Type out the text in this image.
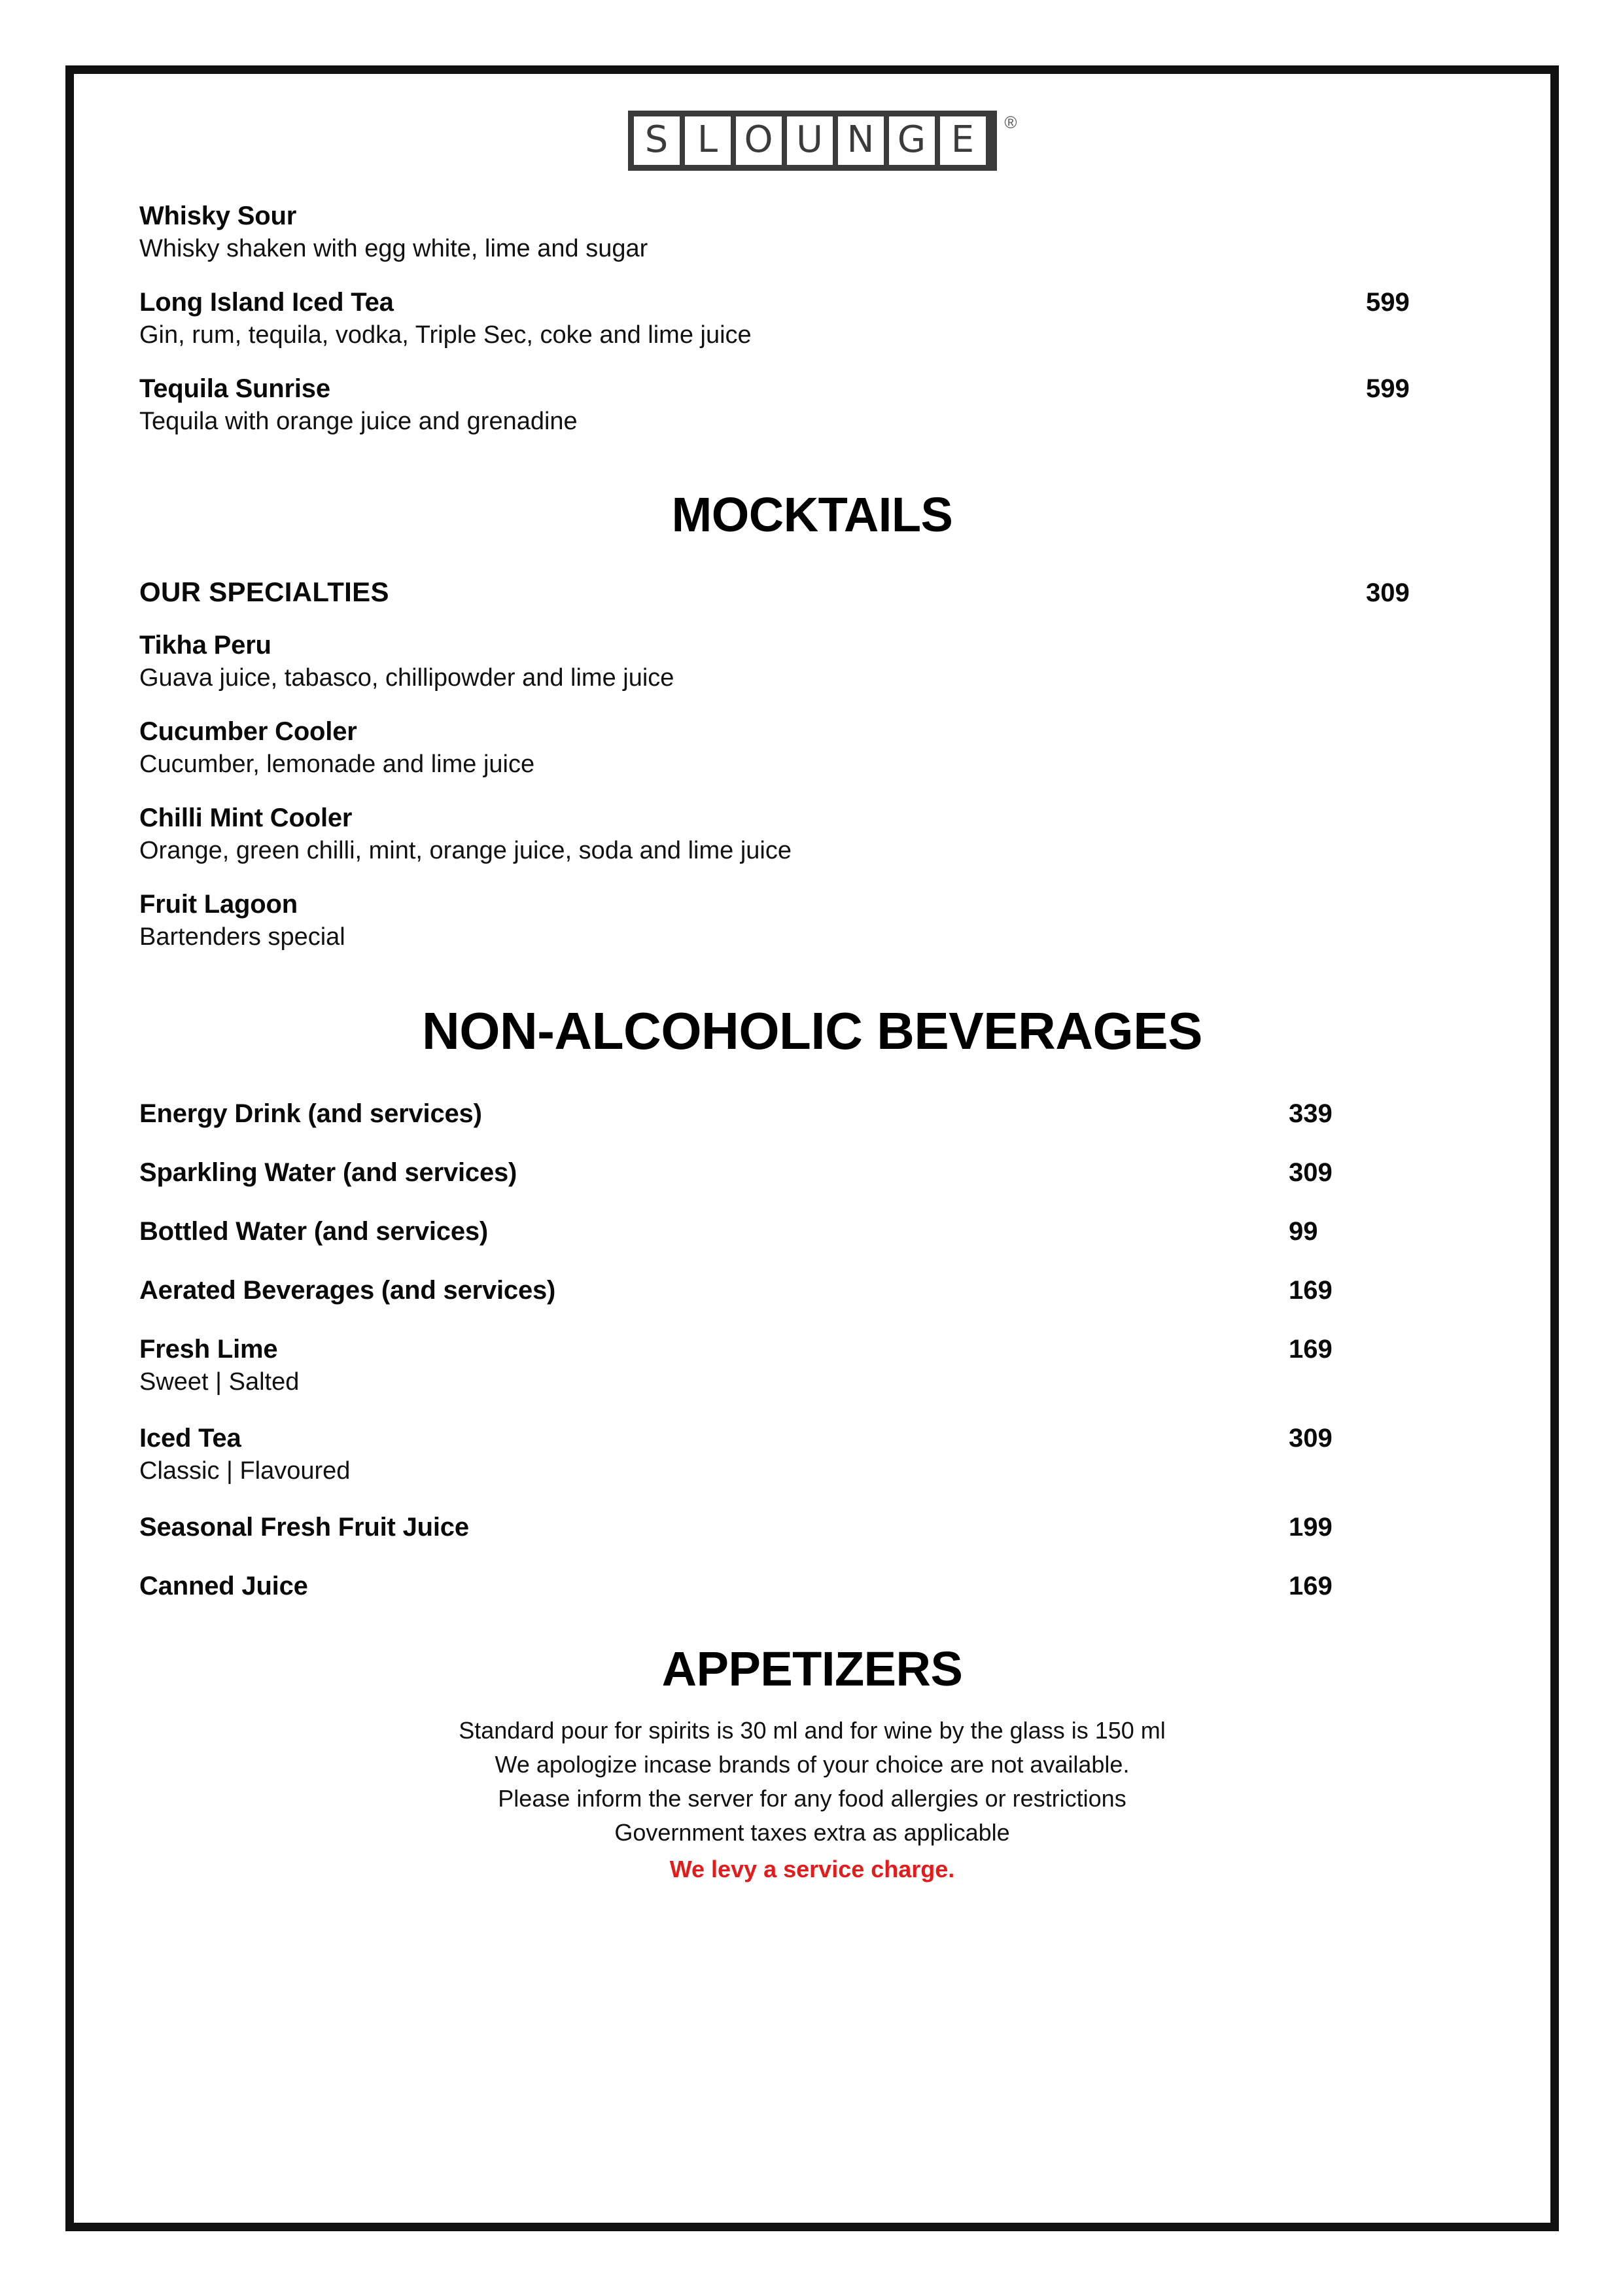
S L O U N G E	®
Whisky Sour
Whisky shaken with egg white, lime and sugar
Long Island Iced Tea	599
Gin, rum, tequila, vodka, Triple Sec, coke and lime juice
Tequila Sunrise	599
Tequila with orange juice and grenadine
MOCKTAILS
OUR SPECIALTIES	309
Tikha Peru
Guava juice, tabasco, chillipowder and lime juice
Cucumber Cooler
Cucumber, lemonade and lime juice
Chilli Mint Cooler
Orange, green chilli, mint, orange juice, soda and lime juice
Fruit Lagoon
Bartenders special
NON-ALCOHOLIC BEVERAGES
Energy Drink (and services)	339
Sparkling Water (and services)	309
Bottled Water (and services)	99
Aerated Beverages (and services)	169
Fresh Lime	169
Sweet | Salted
Iced Tea	309
Classic | Flavoured
Seasonal Fresh Fruit Juice	199
Canned Juice	169
APPETIZERS

Standard pour for spirits is 30 ml and for wine by the glass is 150 ml

We apologize incase brands of your choice are not available.

Please inform the server for any food allergies or restrictions

Government taxes extra as applicable

We levy a service charge.
